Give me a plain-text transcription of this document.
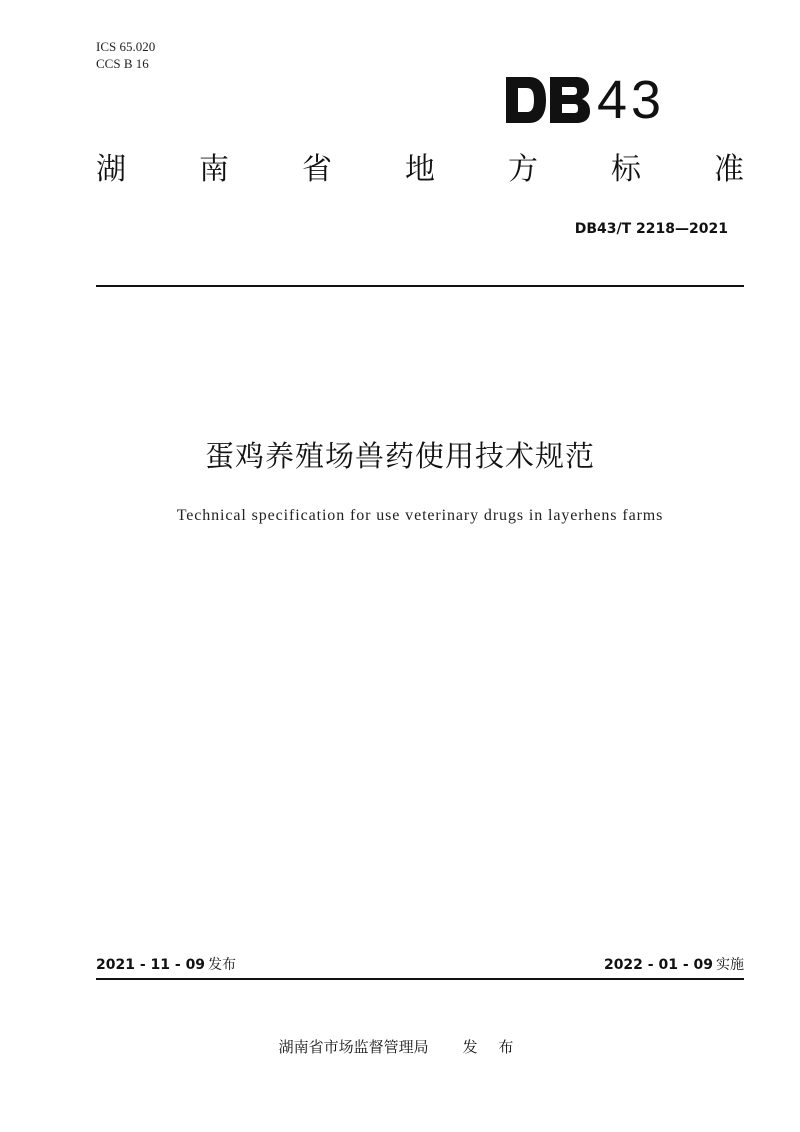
ICS 65.020
CCS B 16
43
湖 南 省 地 方 标 准
DB43/T 2218—2021
蛋鸡养殖场兽药使用技术规范
Technical specification for use veterinary drugs in layerhens farms
2021 - 11 - 09 发布	2022 - 01 - 09 实施
湖南省市场监督管理局 发 布
